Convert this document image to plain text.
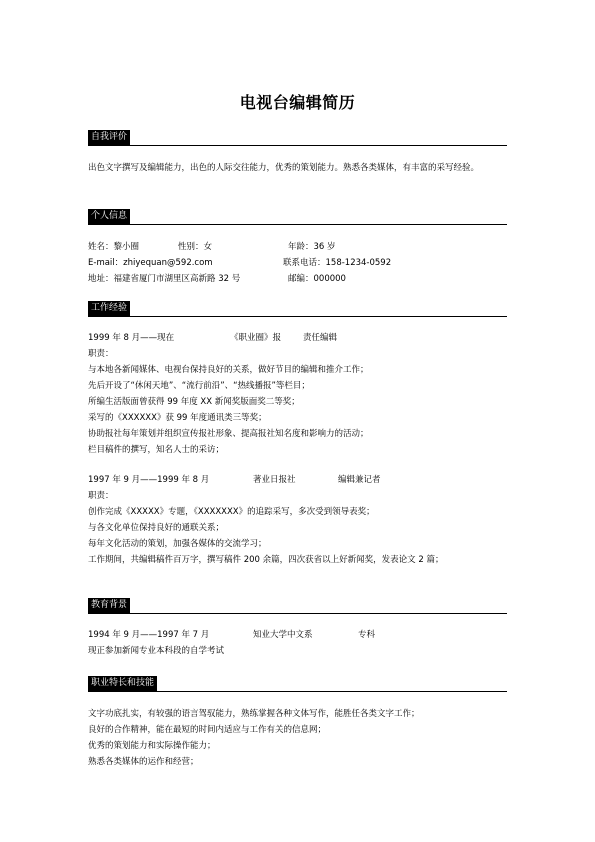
电视台编辑简历
自我评价
出色文字撰写及编辑能力，出色的人际交往能力，优秀的策划能力。熟悉各类媒体，有丰富的采写经验。
个人信息
姓名：黎小圈	性别：女	年龄：36 岁
E-mail：zhiyequan@592.com	联系电话：158-1234-0592
地址：福建省厦门市湖里区高新路 32 号	邮编：000000
工作经验
1999 年 8 月——现在	《职业圈》报	责任编辑
职责：
与本地各新闻媒体、电视台保持良好的关系，做好节目的编辑和推介工作；
先后开设了“休闲天地”、“流行前沿”、“热线播报”等栏目；
所编生活版面曾获得 99 年度 XX 新闻奖版面奖二等奖；
采写的《XXXXXX》获 99 年度通讯类三等奖；
协助报社每年策划并组织宣传报社形象、提高报社知名度和影响力的活动；
栏目稿件的撰写，知名人士的采访；
1997 年 9 月——1999 年 8 月	著业日报社	编辑兼记者
职责：
创作完成《XXXXX》专题，《XXXXXXX》的追踪采写，多次受到领导表奖；
与各文化单位保持良好的通联关系；
每年文化活动的策划，加强各媒体的交流学习；
工作期间，共编辑稿件百万字，撰写稿件 200 余篇，四次获省以上好新闻奖，发表论文 2 篇；
教育背景
1994 年 9 月——1997 年 7 月	知业大学中文系	专科
现正参加新闻专业本科段的自学考试
职业特长和技能
文字功底扎实，有较强的语言驾驭能力，熟练掌握各种文体写作，能胜任各类文字工作；
良好的合作精神，能在最短的时间内适应与工作有关的信息网；
优秀的策划能力和实际操作能力；
熟悉各类媒体的运作和经营；
